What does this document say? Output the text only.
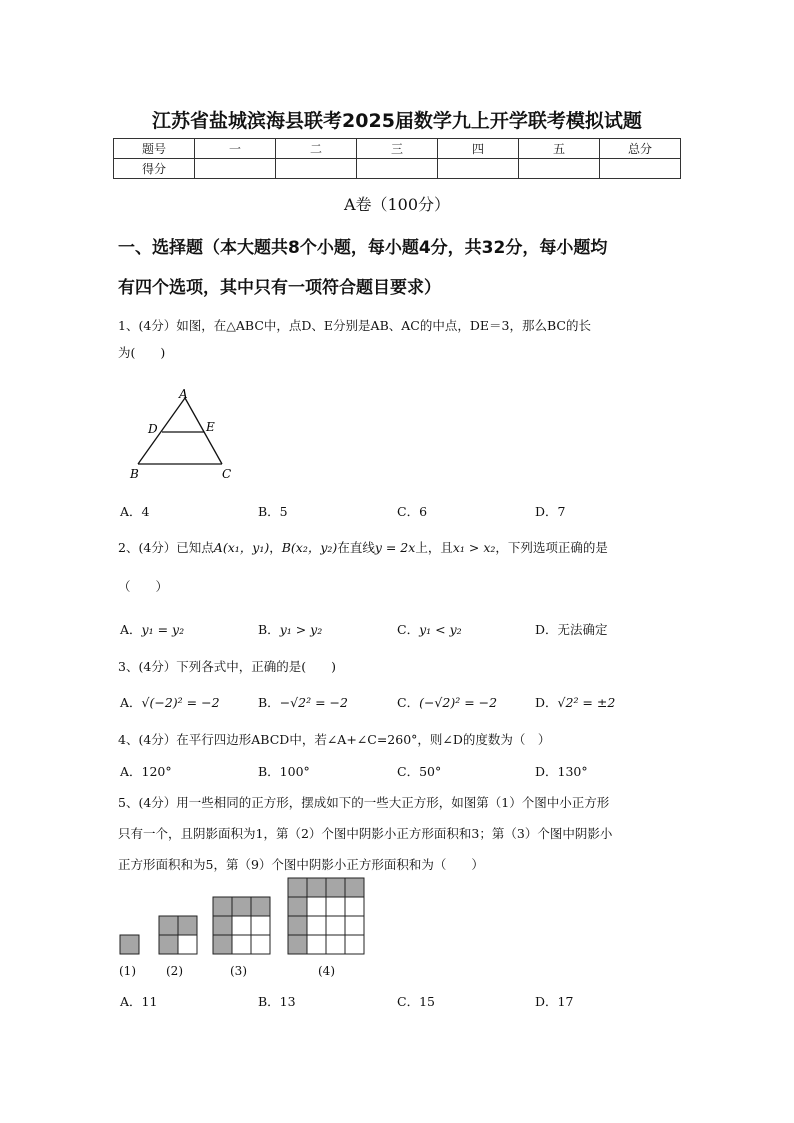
江苏省盐城滨海县联考2025届数学九上开学联考模拟试题
题号	一	二	三	四	五	总分
得分						
A卷（100分）
一、选择题（本大题共8个小题，每小题4分，共32分，每小题均
有四个选项，其中只有一项符合题目要求）
1、(4分）如图，在△ABC中，点D、E分别是AB、AC的中点，DE＝3，那么BC的长
为(　　)
A
D	E
B	C
A．4	B．5	C．6	D．7
2、(4分）已知点A(x₁，y₁)，B(x₂，y₂)在直线y = 2x上，且x₁ > x₂，下列选项正确的是
（　　）
A．y₁ = y₂	B．y₁ > y₂	C．y₁ < y₂	D．无法确定
3、(4分）下列各式中，正确的是(　　)
A．√(−2)² = −2	B．−√2² = −2	C．(−√2)² = −2	D．√2² = ±2
4、(4分）在平行四边形ABCD中，若∠A+∠C=260°，则∠D的度数为（　）
A．120°	B．100°	C．50°	D．130°
5、(4分）用一些相同的正方形，摆成如下的一些大正方形，如图第（1）个图中小正方形
只有一个，且阴影面积为1，第（2）个图中阴影小正方形面积和3；第（3）个图中阴影小
正方形面积和为5，第（9）个图中阴影小正方形面积和为（　　）
(1)	(2)	(3)	(4)
A．11	B．13	C．15	D．17
